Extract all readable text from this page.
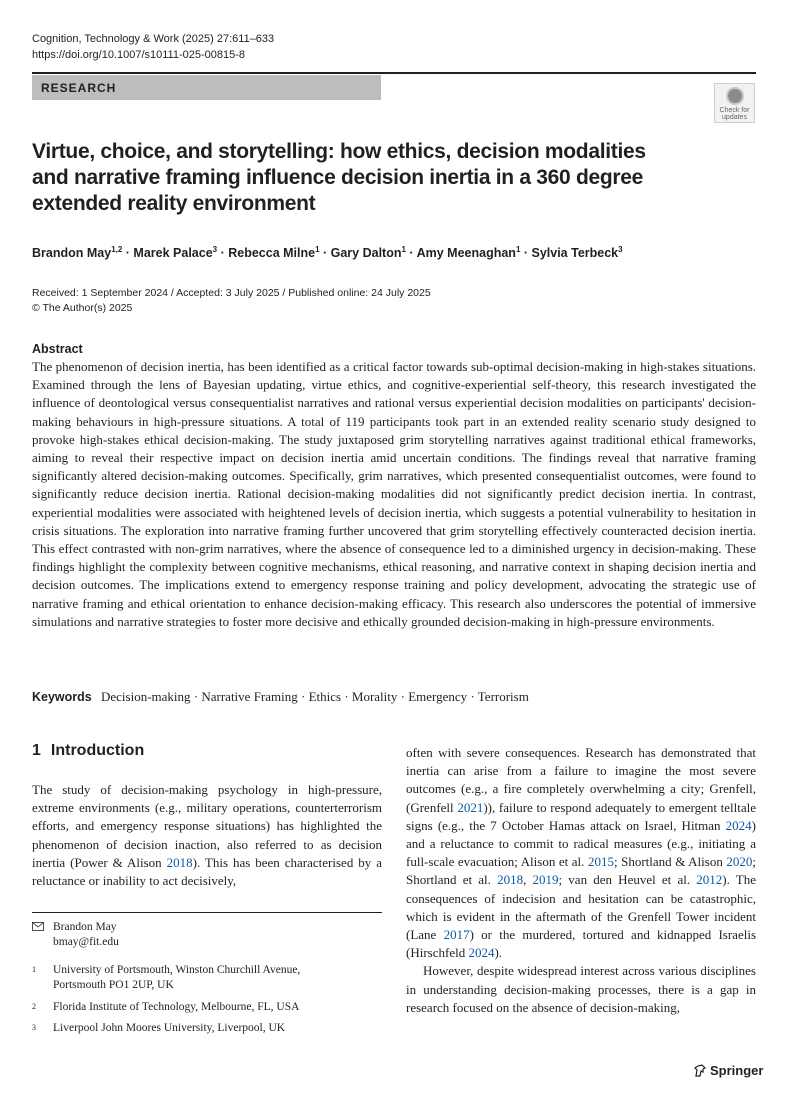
Cognition, Technology & Work (2025) 27:611–633
https://doi.org/10.1007/s10111-025-00815-8
RESEARCH
Check for
updates
Virtue, choice, and storytelling: how ethics, decision modalities and narrative framing influence decision inertia in a 360 degree extended reality environment
Brandon May$^{1,2}$ · Marek Palace$^3$ · Rebecca Milne$^1$ · Gary Dalton$^1$ · Amy Meenaghan$^1$ · Sylvia Terbeck$^3$
Received: 1 September 2024 / Accepted: 3 July 2025 / Published online: 24 July 2025
© The Author(s) 2025
Abstract

The phenomenon of decision inertia, has been identified as a critical factor towards sub-optimal decision-making in high-stakes situations. Examined through the lens of Bayesian updating, virtue ethics, and cognitive-experiential self-theory, this research investigated the influence of deontological versus consequentialist narratives and rational versus experiential decision modalities on participants' decision-making behaviours in high-pressure situations. A total of 119 participants took part in an extended reality scenario study designed to provoke high-stakes ethical decision-making. The study juxtaposed grim storytelling narratives against traditional ethical frameworks, aiming to reveal their respective impact on decision inertia amid uncertain conditions. The findings reveal that narrative framing significantly altered decision-making outcomes. Specifically, grim narratives, which presented consequentialist outcomes, were found to significantly reduce decision inertia. Rational decision-making modalities did not significantly predict decision inertia. In contrast, experiential modalities were associated with heightened levels of decision inertia, which suggests a potential vulnerability to hesitation in crisis situations. The exploration into narrative framing further uncovered that grim storytelling effectively counteracted decision inertia. This effect contrasted with non-grim narratives, where the absence of consequence led to a diminished urgency in decision-making. These findings highlight the complexity between cognitive mechanisms, ethical reasoning, and narrative context in shaping decision inertia and decision outcomes. The implications extend to emergency response training and policy development, advocating the strategic use of narrative framing and ethical orientation to enhance decision-making efficacy. This research also underscores the potential of immersive simulations and narrative strategies to foster more decisive and ethically grounded decision-making in high-pressure environments.

Keywords Decision-making · Narrative Framing · Ethics · Morality · Emergency · Terrorism
1 Introduction

The study of decision-making psychology in high-pressure, extreme environments (e.g., military operations, counterterrorism efforts, and emergency response situations) has highlighted the phenomenon of decision inaction, also referred to as decision inertia (Power & Alison 2018). This has been characterised by a reluctance or inability to act decisively,

often with severe consequences. Research has demonstrated that inertia can arise from a failure to imagine the most severe outcomes (e.g., a fire completely overwhelming a city; Grenfell, (Grenfell 2021)), failure to respond adequately to emergent telltale signs (e.g., the 7 October Hamas attack on Israel, Hitman 2024) and a reluctance to commit to radical measures (e.g., initiating a full-scale evacuation; Alison et al. 2015; Shortland & Alison 2020; Shortland et al. 2018, 2019; van den Heuvel et al. 2012). The consequences of indecision and hesitation can be catastrophic, which is evident in the aftermath of the Grenfell Tower incident (Lane 2017) or the murdered, tortured and kidnapped Israelis (Hirschfeld 2024).

However, despite widespread interest across various disciplines in understanding decision-making processes, there is a gap in research focused on the absence of decision-making,

Brandon May
bmay@fit.edu
1 University of Portsmouth, Winston Churchill Avenue,
Portsmouth PO1 2UP, UK
2 Florida Institute of Technology, Melbourne, FL, USA
3 Liverpool John Moores University, Liverpool, UK
Springer
